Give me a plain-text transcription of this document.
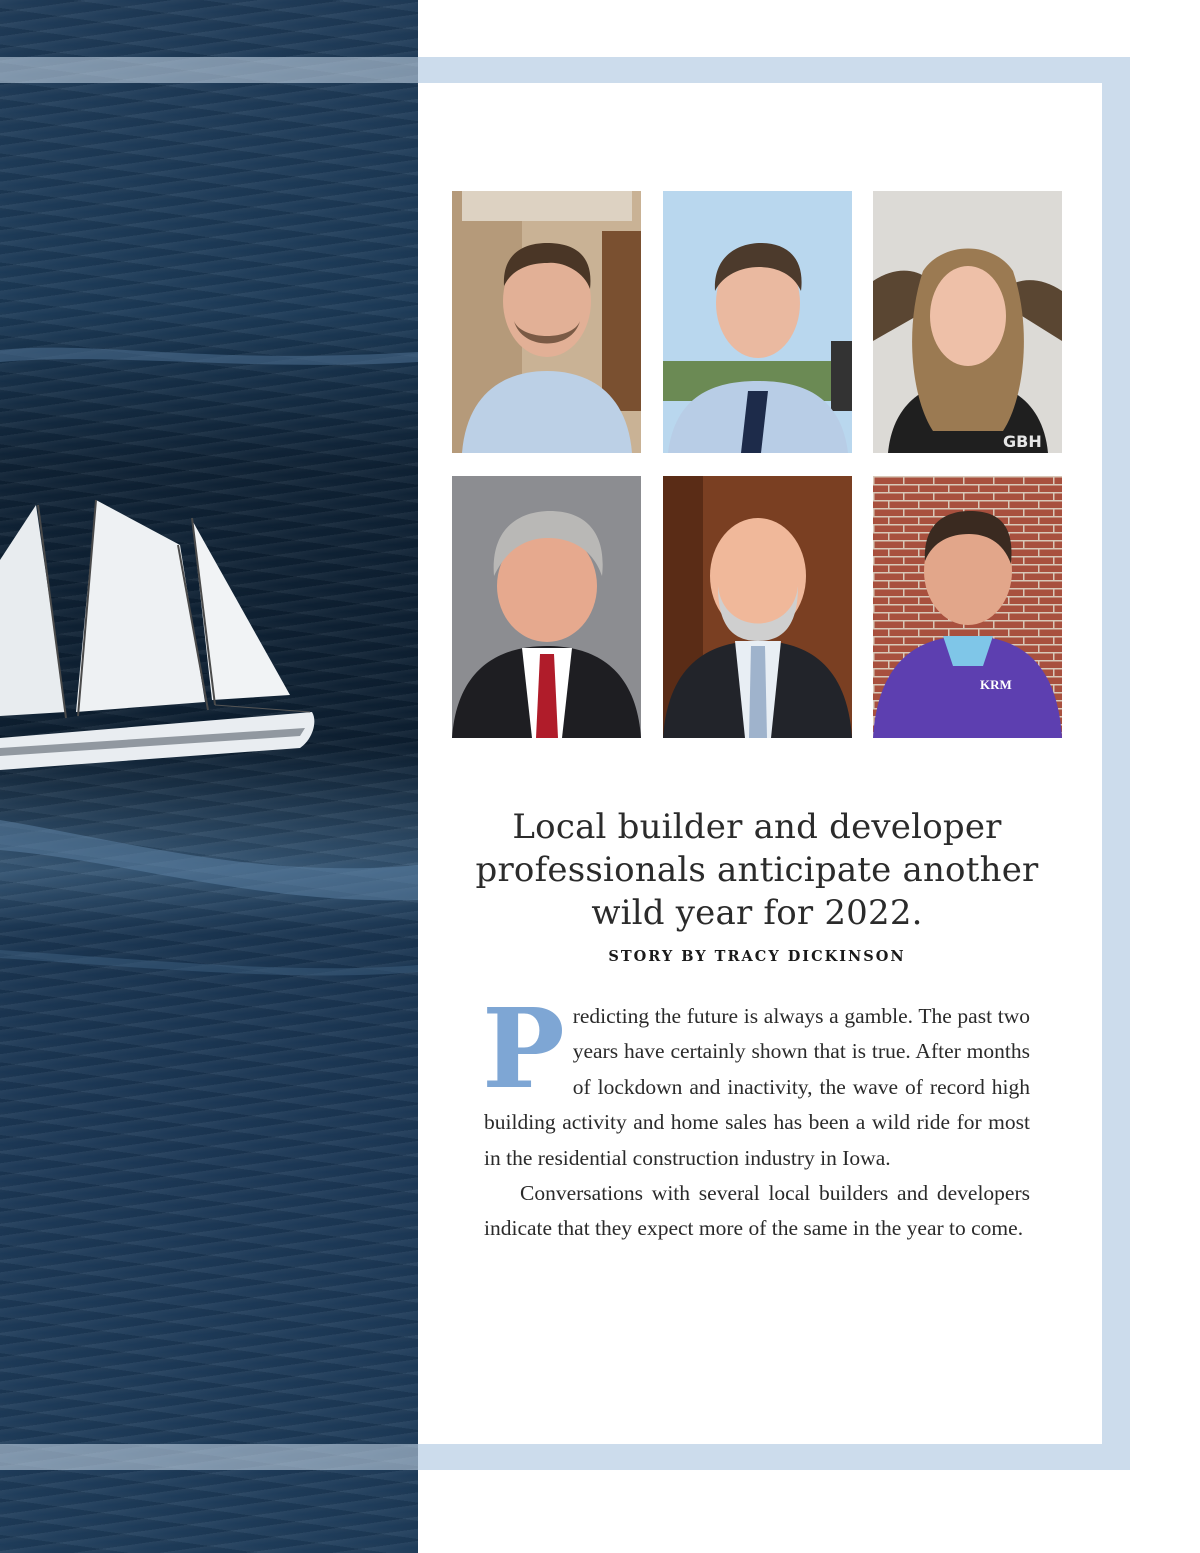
GBH
KRM
Local builder and developer professionals anticipate another wild year for 2022.
STORY BY TRACY DICKINSON

Predicting the future is always a gamble. The past two years have certainly shown that is true. After months of lockdown and inactivity, the wave of record high building activity and home sales has been a wild ride for most in the residential construction industry in Iowa.

Conversations with several local builders and developers indicate that they expect more of the same in the year to come.
